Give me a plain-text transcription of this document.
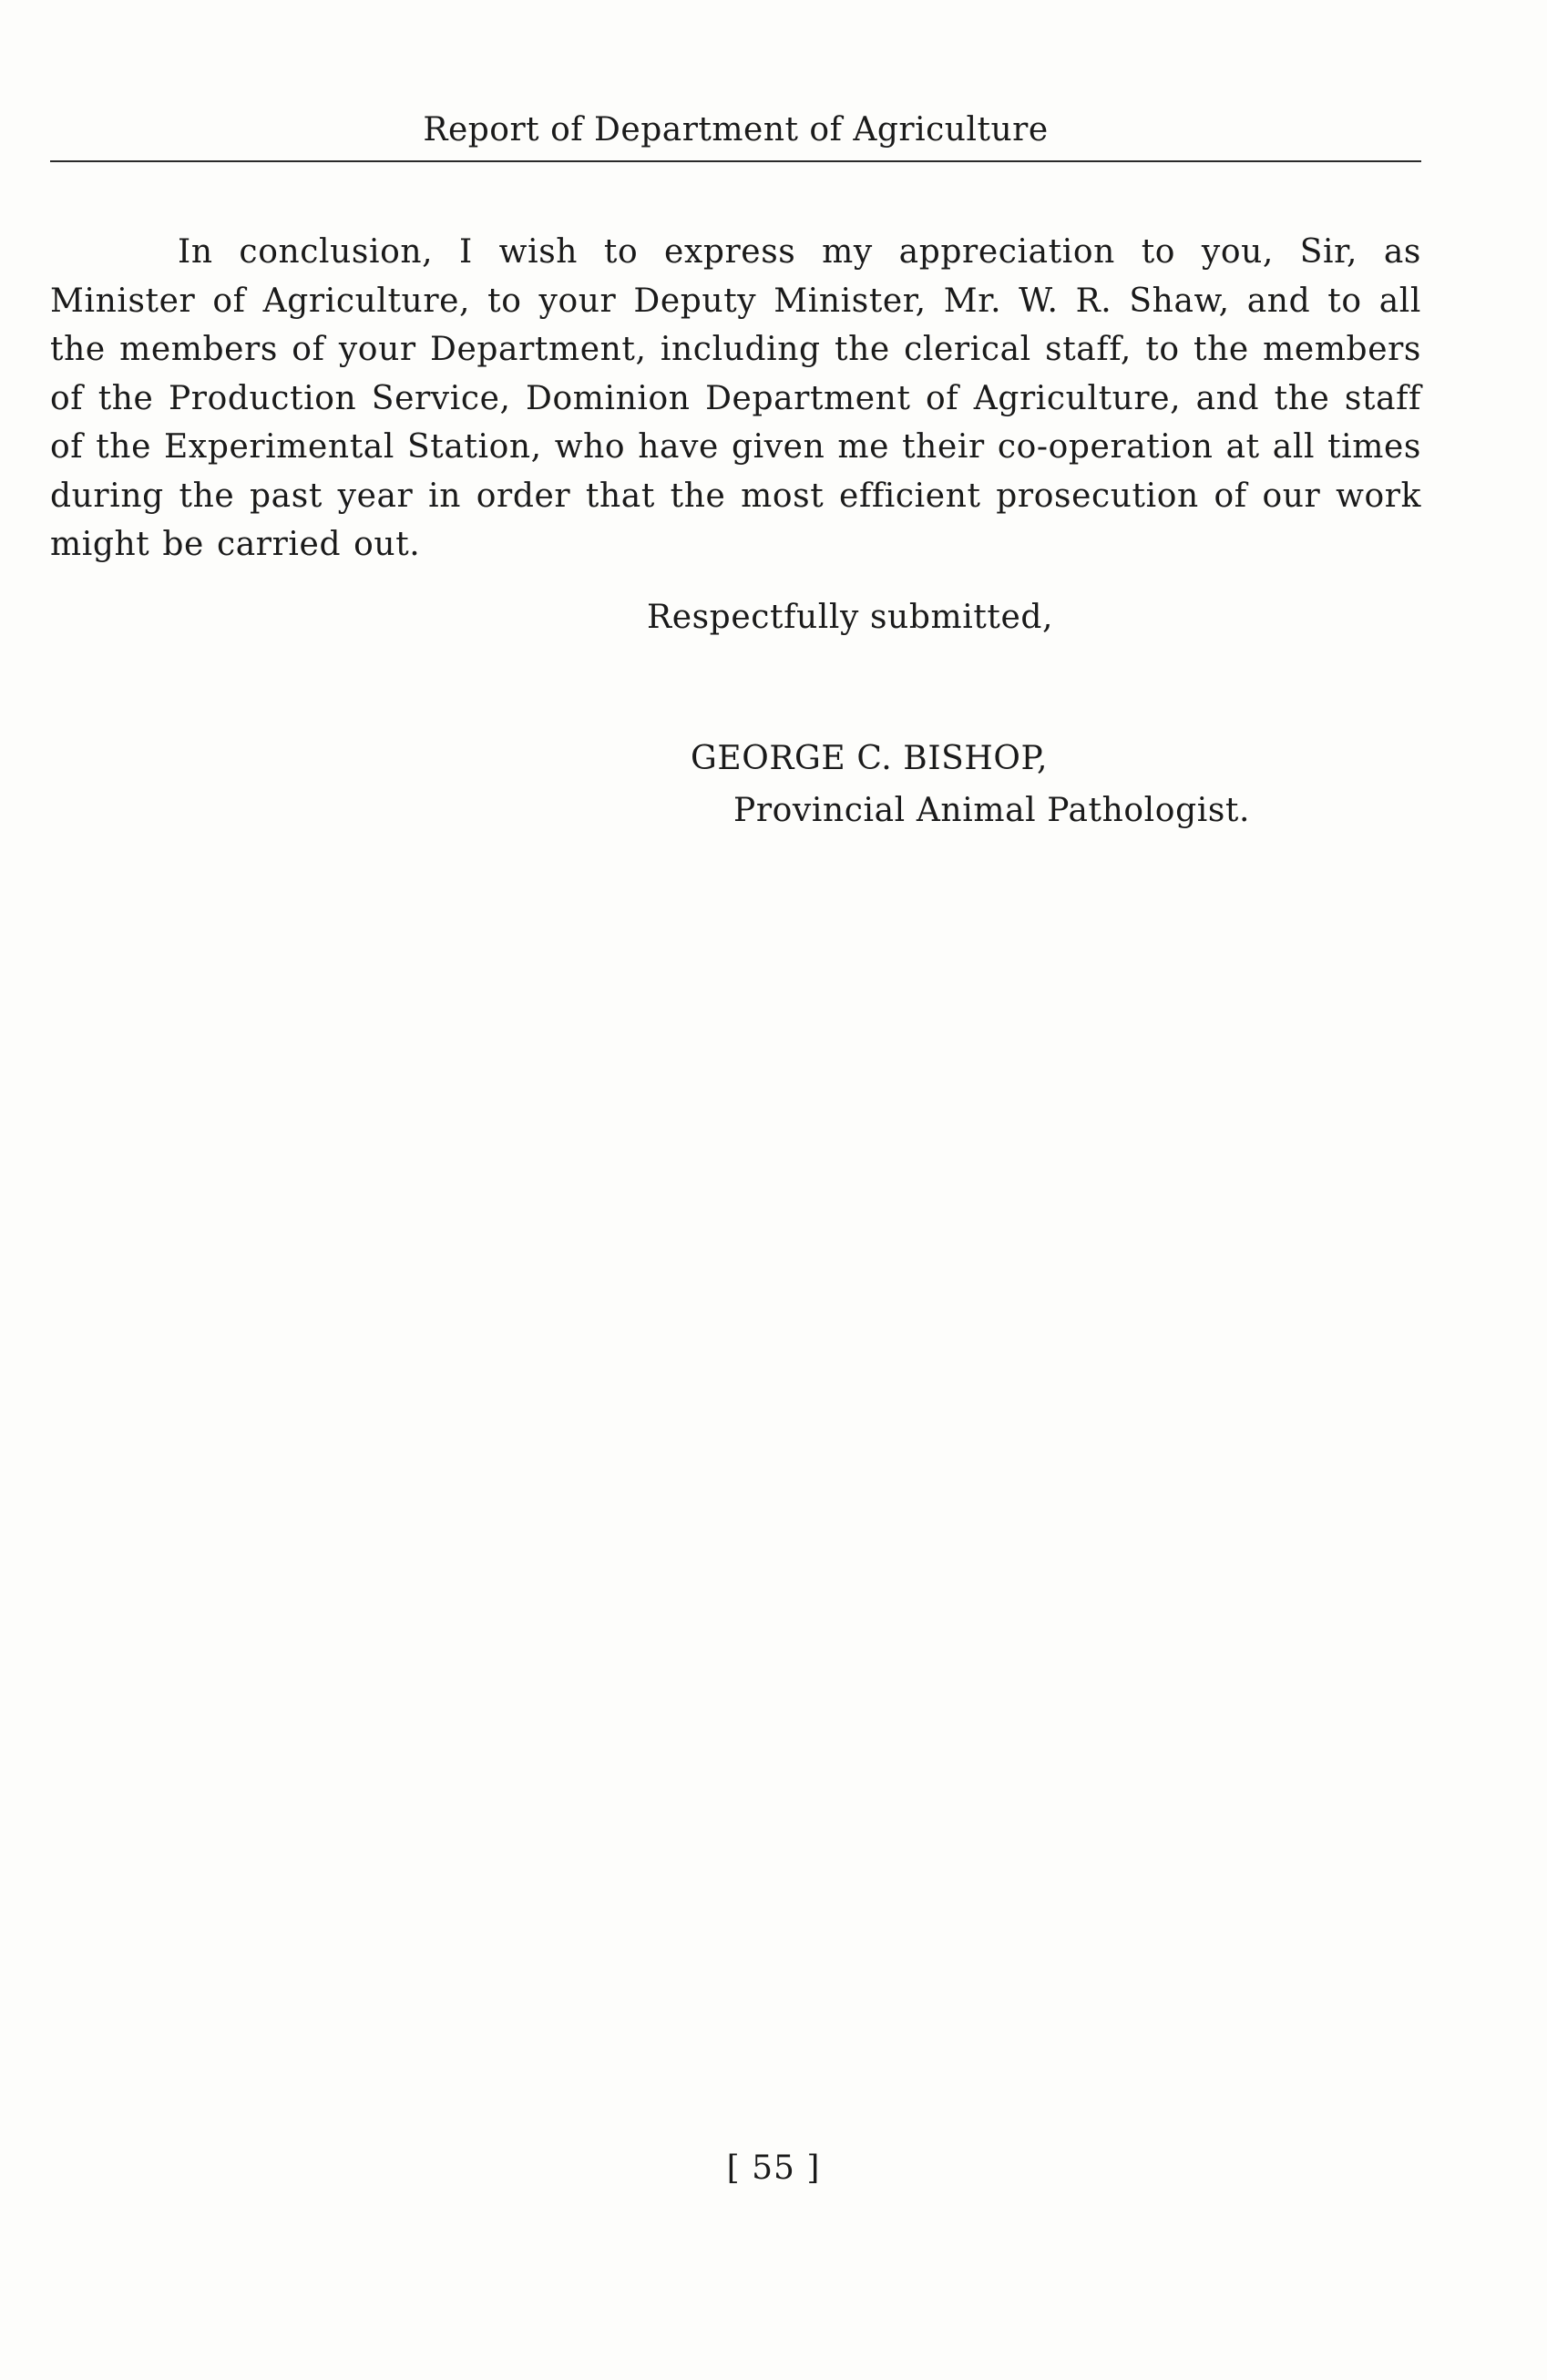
Report of Department of Agriculture

In conclusion, I wish to express my appreciation to you, Sir, as Minister of Agriculture, to your Deputy Minister, Mr. W. R. Shaw, and to all the members of your Department, including the clerical staff, to the members of the Production Service, Dominion Department of Agriculture, and the staff of the Experimental Station, who have given me their co-operation at all times during the past year in order that the most efficient prosecution of our work might be carried out.

Respectfully submitted,

GEORGE C. BISHOP,

Provincial Animal Pathologist.

[ 55 ]
